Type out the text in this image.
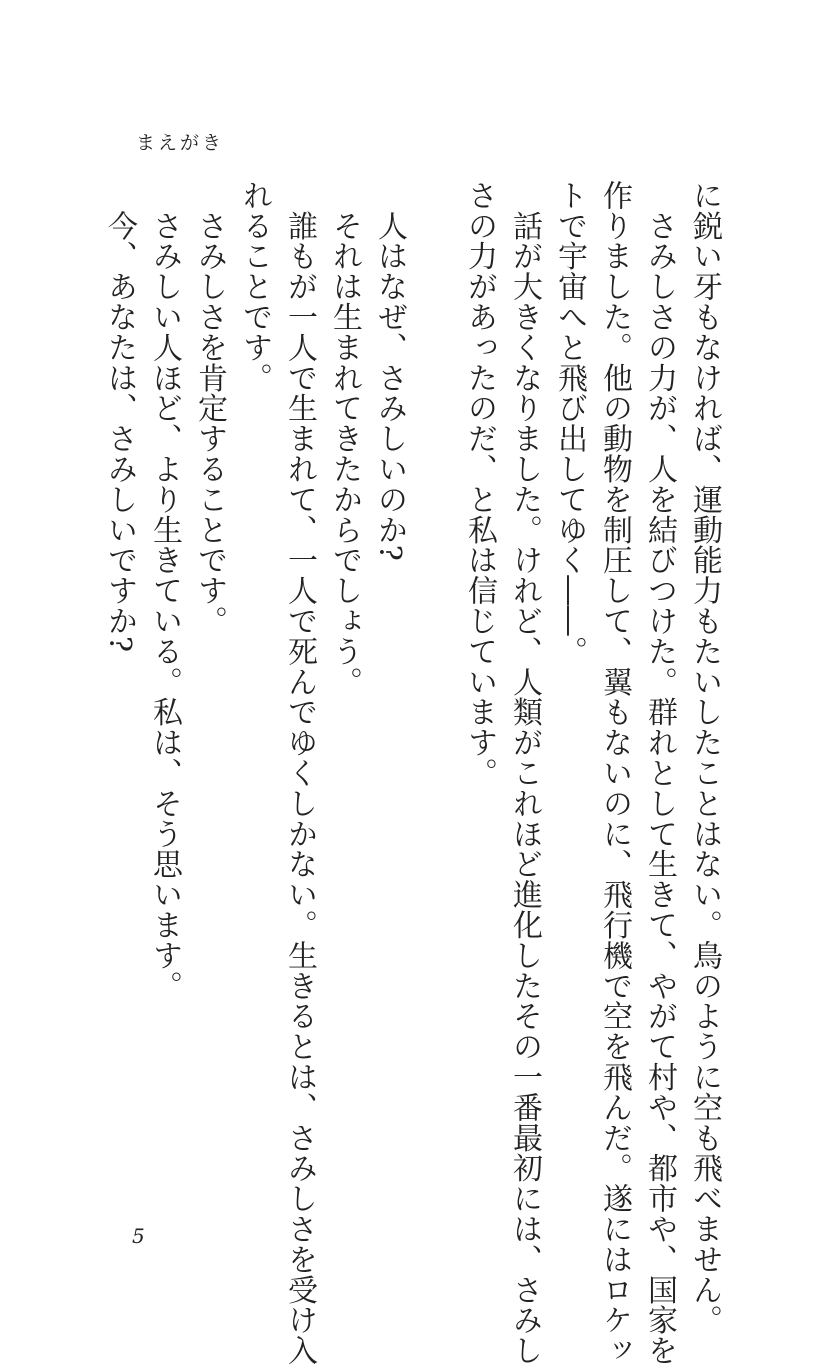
まえがき
に鋭い牙もなければ、運動能力もたいしたことはない。鳥のように空も飛べません。
　さみしさの力が、人を結びつけた。群れとして生きて、やがて村や、都市や、国家を
作りました。他の動物を制圧して、翼もないのに、飛行機で空を飛んだ。遂にはロケッ
トで宇宙へと飛び出してゆく――。
　話が大きくなりました。けれど、人類がこれほど進化したその一番最初には、さみし
さの力があったのだ、と私は信じています。
　人はなぜ、さみしいのか?
　それは生まれてきたからでしょう。
　誰もが一人で生まれて、一人で死んでゆくしかない。生きるとは、さみしさを受け入
れることです。
　さみしさを肯定することです。
　さみしい人ほど、より生きている。私は、そう思います。
　今、あなたは、さみしいですか?
5
